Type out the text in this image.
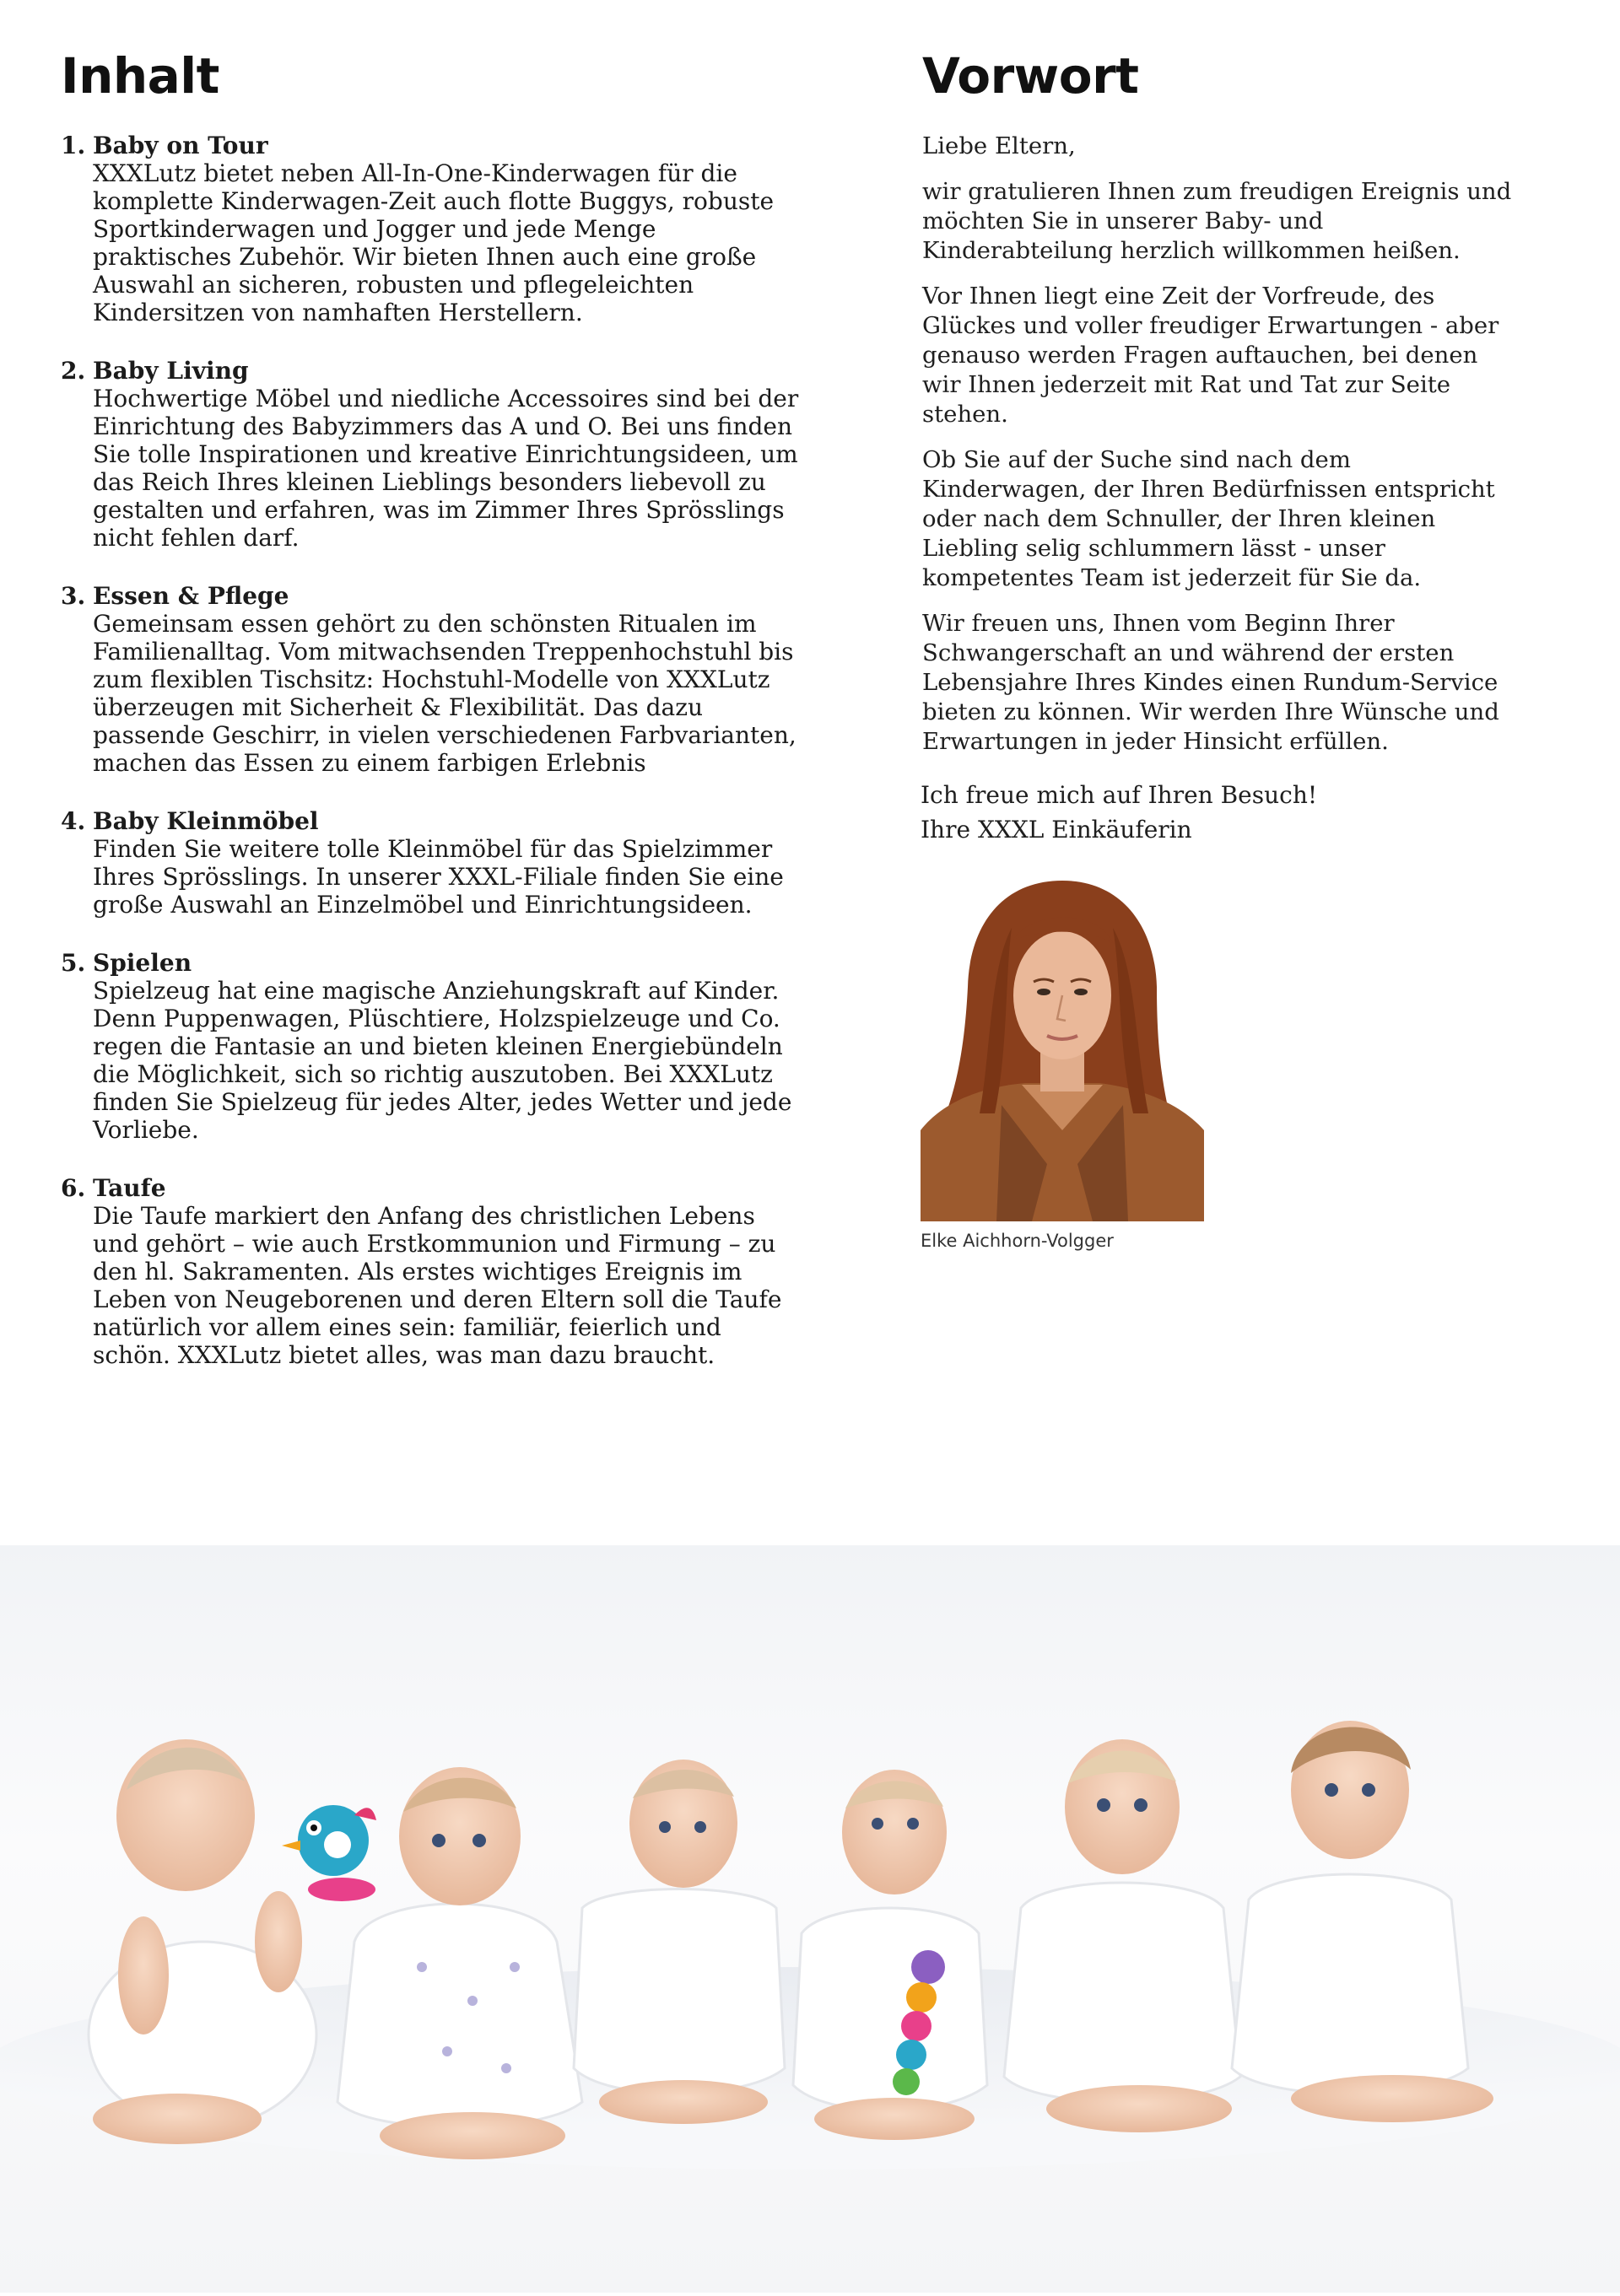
Inhalt	Vorwort
1. Baby on Tour
XXXLutz bietet neben All-In-One-Kinderwagen für die komplette Kinderwagen-Zeit auch flotte Buggys, robuste Sportkinderwagen und Jogger und jede Menge praktisches Zubehör. Wir bieten Ihnen auch eine große Auswahl an sicheren, robusten und pflegeleichten Kindersitzen von namhaften Herstellern.
2. Baby Living
Hochwertige Möbel und niedliche Accessoires sind bei der Einrichtung des Babyzimmers das A und O. Bei uns finden Sie tolle Inspirationen und kreative Einrichtungsideen, um das Reich Ihres kleinen Lieblings besonders liebevoll zu gestalten und erfahren, was im Zimmer Ihres Sprösslings nicht fehlen darf.
3. Essen & Pflege
Gemeinsam essen gehört zu den schönsten Ritualen im Familienalltag. Vom mitwachsenden Treppenhochstuhl bis zum flexiblen Tischsitz: Hochstuhl-Modelle von XXXLutz überzeugen mit Sicherheit & Flexibilität. Das dazu passende Geschirr, in vielen verschiedenen Farbvarianten, machen das Essen zu einem farbigen Erlebnis
4. Baby Kleinmöbel
Finden Sie weitere tolle Kleinmöbel für das Spielzimmer Ihres Sprösslings. In unserer XXXL-Filiale finden Sie eine große Auswahl an Einzelmöbel und Einrichtungsideen.
5. Spielen
Spielzeug hat eine magische Anziehungskraft auf Kinder. Denn Puppenwagen, Plüschtiere, Holzspielzeuge und Co. regen die Fantasie an und bieten kleinen Energiebündeln die Möglichkeit, sich so richtig auszutoben. Bei XXXLutz finden Sie Spielzeug für jedes Alter, jedes Wetter und jede Vorliebe.
6. Taufe
Die Taufe markiert den Anfang des christlichen Lebens und gehört – wie auch Erstkommunion und Firmung – zu den hl. Sakramenten. Als erstes wichtiges Ereignis im Leben von Neugeborenen und deren Eltern soll die Taufe natürlich vor allem eines sein: familiär, feierlich und schön. XXXLutz bietet alles, was man dazu braucht.

Liebe Eltern,

wir gratulieren Ihnen zum freudigen Ereignis und möchten Sie in unserer Baby- und Kinderabteilung herzlich willkommen heißen.

Vor Ihnen liegt eine Zeit der Vorfreude, des Glückes und voller freudiger Erwartungen - aber genauso werden Fragen auftauchen, bei denen wir Ihnen jederzeit mit Rat und Tat zur Seite stehen.

Ob Sie auf der Suche sind nach dem Kinderwagen, der Ihren Bedürfnissen entspricht oder nach dem Schnuller, der Ihren kleinen Liebling selig schlummern lässt - unser kompetentes Team ist jederzeit für Sie da.

Wir freuen uns, Ihnen vom Beginn Ihrer Schwangerschaft an und während der ersten Lebensjahre Ihres Kindes einen Rundum-Service bieten zu können. Wir werden Ihre Wünsche und Erwartungen in jeder Hinsicht erfüllen.

Ich freue mich auf Ihren Besuch!
Ihre XXXL Einkäuferin
Elke Aichhorn-Volgger
